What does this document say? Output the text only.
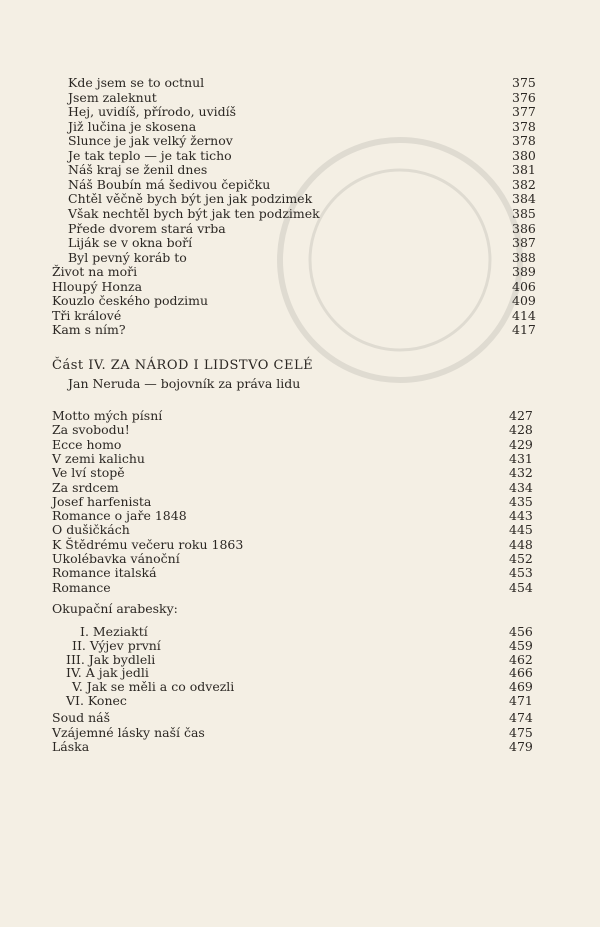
Kde jsem se to octnul	375
Jsem zaleknut	376
Hej, uvidíš, přírodo, uvidíš	377
Již lučina je skosena	378
Slunce je jak velký žernov	378
Je tak teplo — je tak ticho	380
Náš kraj se ženil dnes	381
Náš Boubín má šedivou čepičku	382
Chtěl věčně bych být jen jak podzimek	384
Však nechtěl bych být jak ten podzimek	385
Přede dvorem stará vrba	386
Liják se v okna boří	387
Byl pevný koráb to	388
Život na moři	389
Hloupý Honza	406
Kouzlo českého podzimu	409
Tři králové	414
Kam s ním?	417
Část IV. ZA NÁROD I LIDSTVO CELÉ
Jan Neruda — bojovník za práva lidu
Motto mých písní	427
Za svobodu!	428
Ecce homo	429
V zemi kalichu	431
Ve lví stopě	432
Za srdcem	434
Josef harfenista	435
Romance o jaře 1848	443
O dušičkách	445
K Štědrému večeru roku 1863	448
Ukolébavka vánoční	452
Romance italská	453
Romance	454
Okupační arabesky:
I. Meziaktí	456
II. Výjev první	459
III. Jak bydleli	462
IV. A jak jedli	466
V. Jak se měli a co odvezli	469
VI. Konec	471
Soud náš	474
Vzájemné lásky naší čas	475
Láska	479
